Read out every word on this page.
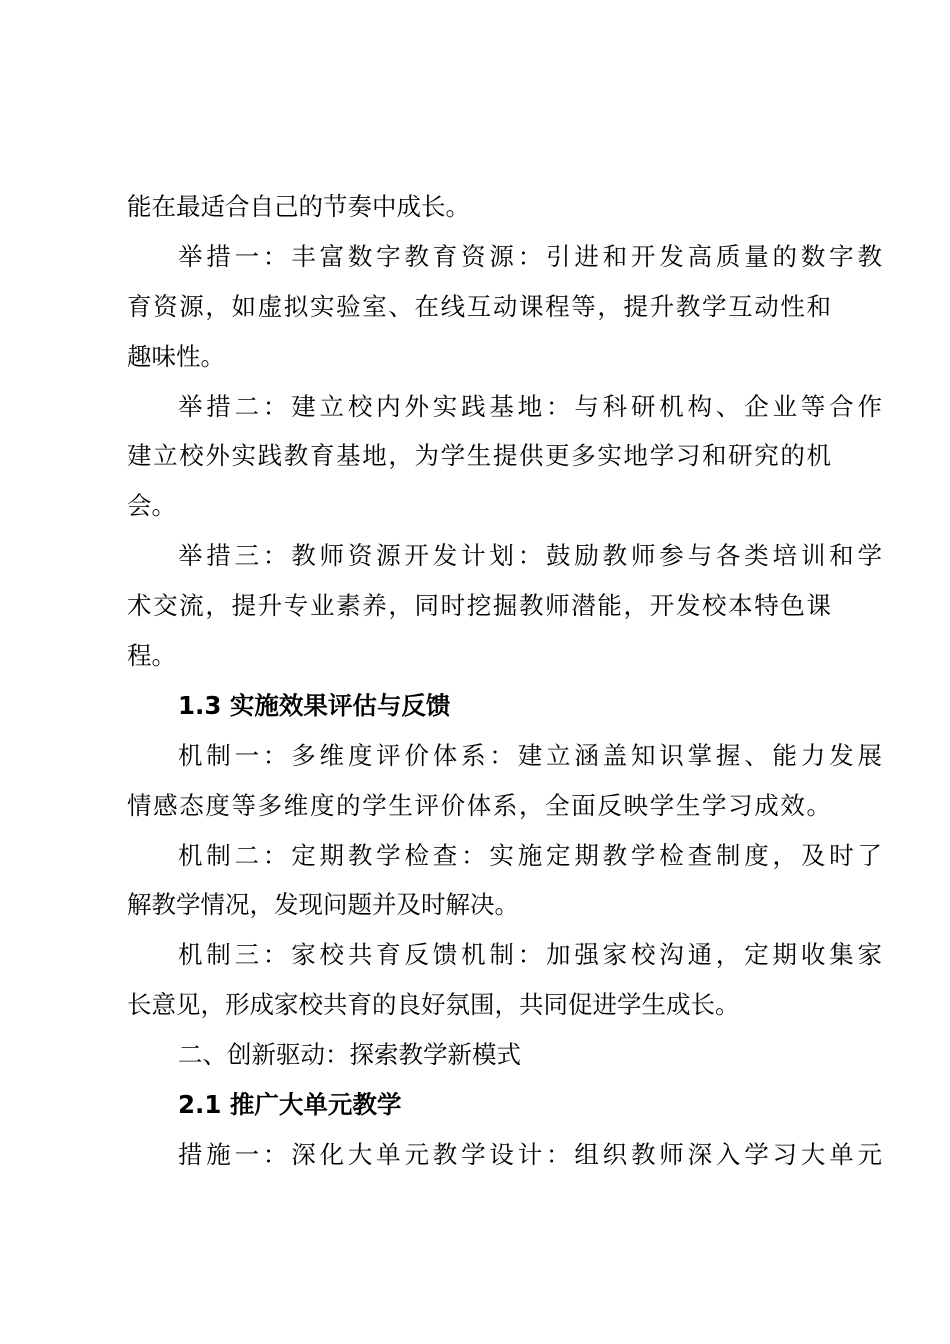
能在最适合自己的节奏中成长。
举措一：丰富数字教育资源：引进和开发高质量的数字教
育资源，如虚拟实验室、在线互动课程等，提升教学互动性和
趣味性。
举措二：建立校内外实践基地：与科研机构、企业等合作
建立校外实践教育基地，为学生提供更多实地学习和研究的机
会。
举措三：教师资源开发计划：鼓励教师参与各类培训和学
术交流，提升专业素养，同时挖掘教师潜能，开发校本特色课
程。
1.3 实施效果评估与反馈
机制一：多维度评价体系：建立涵盖知识掌握、能力发展
情感态度等多维度的学生评价体系，全面反映学生学习成效。
机制二：定期教学检查：实施定期教学检查制度，及时了
解教学情况，发现问题并及时解决。
机制三：家校共育反馈机制：加强家校沟通，定期收集家
长意见，形成家校共育的良好氛围，共同促进学生成长。
二、创新驱动：探索教学新模式
2.1 推广大单元教学
措施一：深化大单元教学设计：组织教师深入学习大单元
